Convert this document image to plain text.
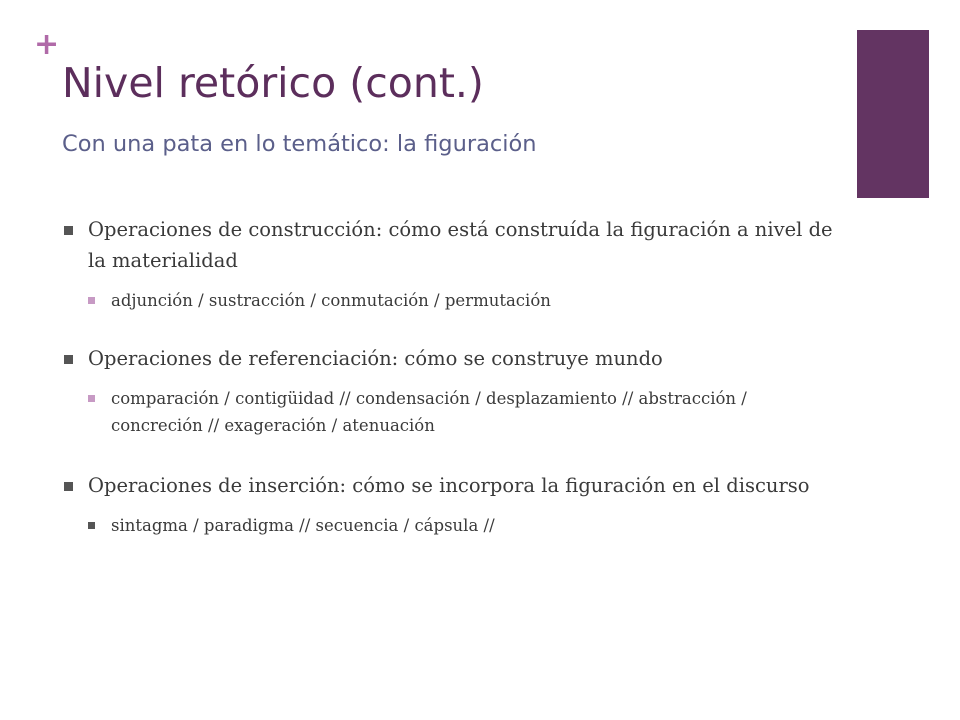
+
Nivel retórico (cont.)
Con una pata en lo temático: la figuración
Operaciones de construcción: cómo está construída la figuración a nivel de la materialidad
adjunción / sustracción / conmutación / permutación
Operaciones de referenciación: cómo se construye mundo
comparación / contigüidad // condensación / desplazamiento // abstracción / concreción // exageración / atenuación
Operaciones de inserción: cómo se incorpora la figuración en el discurso
sintagma / paradigma // secuencia / cápsula //
